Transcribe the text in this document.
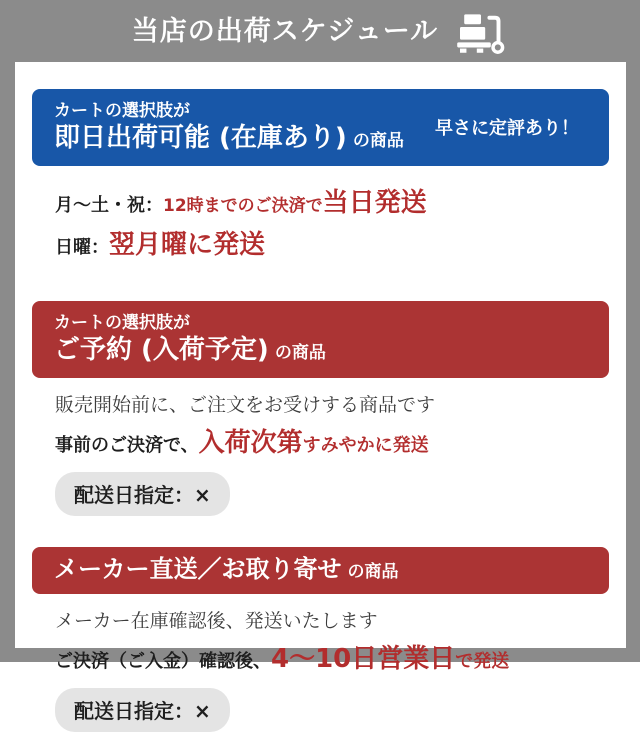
当店の出荷スケジュール
カートの選択肢が
即日出荷可能 (在庫あり) の商品
早さに定評あり！

月〜土・祝：12時までのご決済で当日発送

日曜：翌月曜に発送

カートの選択肢が
ご予約 (入荷予定) の商品

販売開始前に、ご注文をお受けする商品です

事前のご決済で、入荷次第すみやかに発送

配送日指定：×
メーカー直送／お取り寄せ の商品

メーカー在庫確認後、発送いたします

ご決済（ご入金）確認後、4〜10日営業日で発送

配送日指定：×
